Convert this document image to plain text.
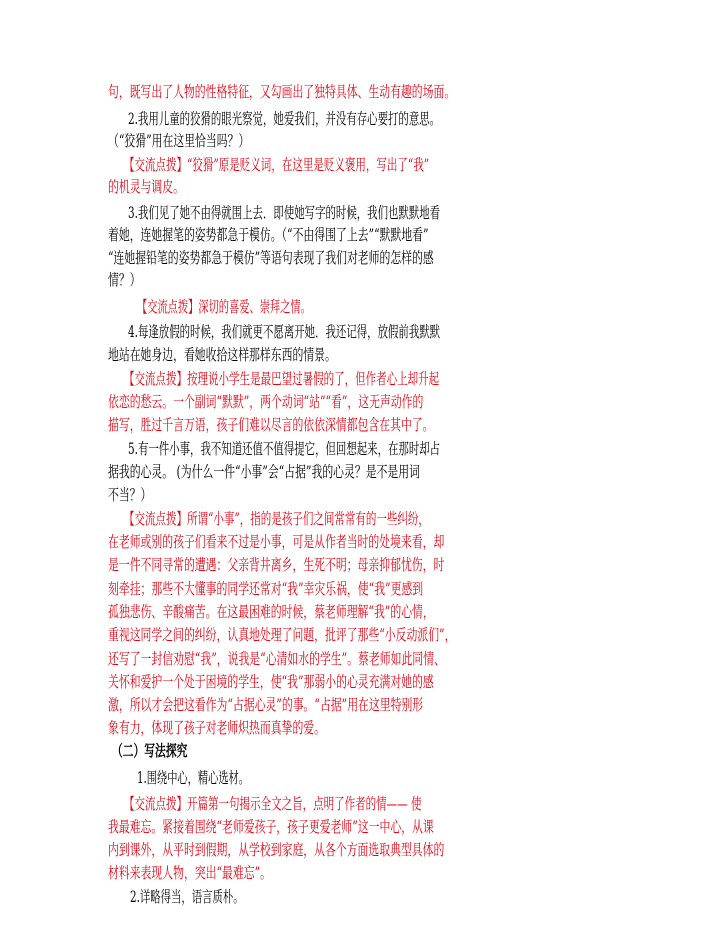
句，既写出了人物的性格特征，又勾画出了独特具体、生动有趣的场面。
2.我用儿童的狡猾的眼光察觉，她爱我们，并没有存心要打的意思。
（“狡猾”用在这里恰当吗？）
【交流点拨】“狡猾”原是贬义词，在这里是贬义褒用，写出了“我”
的机灵与调皮。
3.我们见了她不由得就围上去．即使她写字的时候，我们也默默地看
着她，连她握笔的姿势都急于模仿。（“不由得围了上去”“默默地看”
“连她握铅笔的姿势都急于模仿”等语句表现了我们对老师的怎样的感
情？）
【交流点拨】深切的喜爱、崇拜之情。
4.每逢放假的时候，我们就更不愿离开她．我还记得，放假前我默默
地站在她身边，看她收拾这样那样东西的情景。
【交流点拨】按理说小学生是最巴望过暑假的了，但作者心上却升起
依恋的愁云。一个副词“默默”，两个动词“站”“看”，这无声动作的
描写，胜过千言万语，孩子们难以尽言的依依深情都包含在其中了。
5.有一件小事，我不知道还值不值得提它，但回想起来，在那时却占
据我的心灵。 (为什么一件“小事”会“占据”我的心灵？是不是用词
不当？）
【交流点拨】所谓“小事”，指的是孩子们之间常常有的一些纠纷，
在老师或别的孩子们看来不过是小事，可是从作者当时的处境来看，却
是一件不同寻常的遭遇：父亲背井离乡，生死不明；母亲抑郁忧伤，时
刻牵挂；那些不大懂事的同学还常对“我”幸灾乐祸，使“我”更感到
孤独悲伤、辛酸痛苦。在这最困难的时候，蔡老师理解“我”的心情，
重视这同学之间的纠纷，认真地处理了问题，批评了那些“小反动派们”，
还写了一封信劝慰“我”，说我是“心清如水的学生”。蔡老师如此同情、
关怀和爱护一个处于困境的学生，使“我”那弱小的心灵充满对她的感
激，所以才会把这看作为“占据心灵”的事。“占据”用在这里特别形
象有力，体现了孩子对老师炽热而真挚的爱。
（二）写法探究
1.围绕中心，精心选材。
【交流点拨】开篇第一句揭示全文之旨，点明了作者的情—— 使
我最难忘。紧接着围绕“老师爱孩子，孩子更爱老师”这一中心，从课
内到课外，从平时到假期，从学校到家庭，从各个方面选取典型具体的
材料来表现人物，突出“最难忘”。
2.详略得当，语言质朴。
